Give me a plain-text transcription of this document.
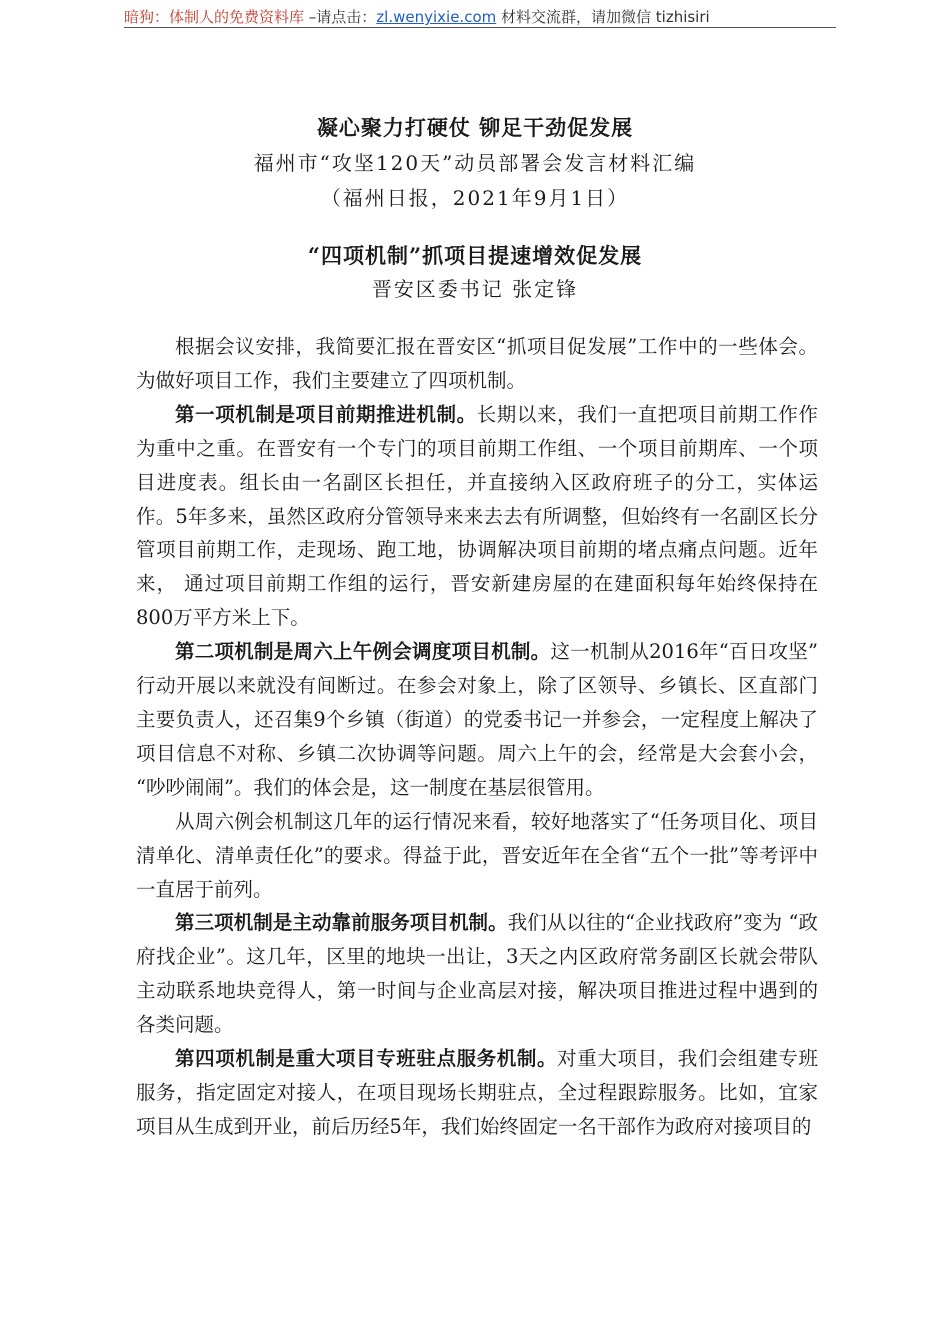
暗狗：体制人的免费资料库 –请点击：zl.wenyixie.com 材料交流群，请加微信 tizhisiri
凝心聚力打硬仗 铆足干劲促发展
福州市“攻坚120天”动员部署会发言材料汇编
（福州日报，2021年9月1日）
“四项机制”抓项目提速增效促发展
晋安区委书记 张定锋

根据会议安排，我简要汇报在晋安区“抓项目促发展”工作中的一些体会。为做好项目工作，我们主要建立了四项机制。

第一项机制是项目前期推进机制。长期以来，我们一直把项目前期工作作为重中之重。在晋安有一个专门的项目前期工作组、一个项目前期库、一个项目进度表。组长由一名副区长担任，并直接纳入区政府班子的分工，实体运作。5年多来，虽然区政府分管领导来来去去有所调整，但始终有一名副区长分管项目前期工作，走现场、跑工地，协调解决项目前期的堵点痛点问题。近年来， 通过项目前期工作组的运行，晋安新建房屋的在建面积每年始终保持在800万平方米上下。

第二项机制是周六上午例会调度项目机制。这一机制从2016年“百日攻坚” 行动开展以来就没有间断过。在参会对象上，除了区领导、乡镇长、区直部门主要负责人，还召集9个乡镇（街道）的党委书记一并参会，一定程度上解决了项目信息不对称、乡镇二次协调等问题。周六上午的会，经常是大会套小会， “吵吵闹闹”。我们的体会是，这一制度在基层很管用。

从周六例会机制这几年的运行情况来看，较好地落实了“任务项目化、项目清单化、清单责任化”的要求。得益于此，晋安近年在全省“五个一批”等考评中一直居于前列。

第三项机制是主动靠前服务项目机制。我们从以往的“企业找政府”变为 “政府找企业”。这几年，区里的地块一出让，3天之内区政府常务副区长就会带队主动联系地块竞得人，第一时间与企业高层对接，解决项目推进过程中遇到的各类问题。

第四项机制是重大项目专班驻点服务机制。对重大项目，我们会组建专班 服务，指定固定对接人，在项目现场长期驻点，全过程跟踪服务。比如，宜家项目从生成到开业，前后历经5年，我们始终固定一名干部作为政府对接项目的
